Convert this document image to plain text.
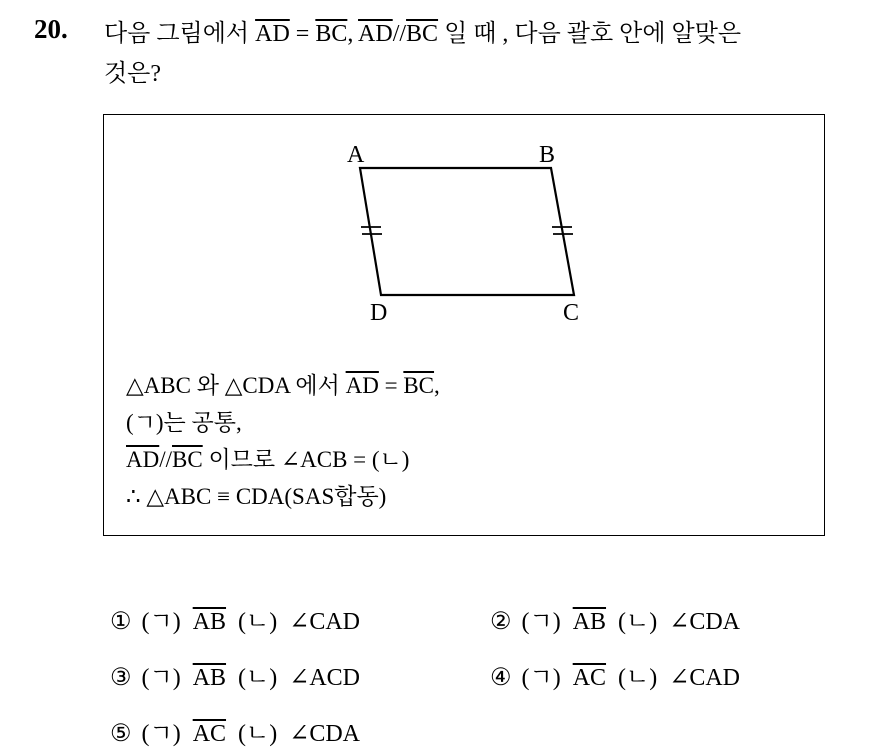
20. 다음 그림에서 $\overline{AD} = \overline{BC}$, $\overline{AD}//\overline{BC}$ 일 때 , 다음 괄호 안에 알맞은
것은?
A	B
D	C
△ABC 와 △CDA 에서 $\overline{AD} = \overline{BC}$,
(ㄱ)는 공통,
$\overline{AD}//\overline{BC}$ 이므로 ∠ACB = (ㄴ)
∴ △ABC ≡ CDA(SAS합동)
① (ㄱ) $\overline{AB}$ (ㄴ) ∠CAD	② (ㄱ) $\overline{AB}$ (ㄴ) ∠CDA
③ (ㄱ) $\overline{AB}$ (ㄴ) ∠ACD	④ (ㄱ) $\overline{AC}$ (ㄴ) ∠CAD
⑤ (ㄱ) $\overline{AC}$ (ㄴ) ∠CDA
